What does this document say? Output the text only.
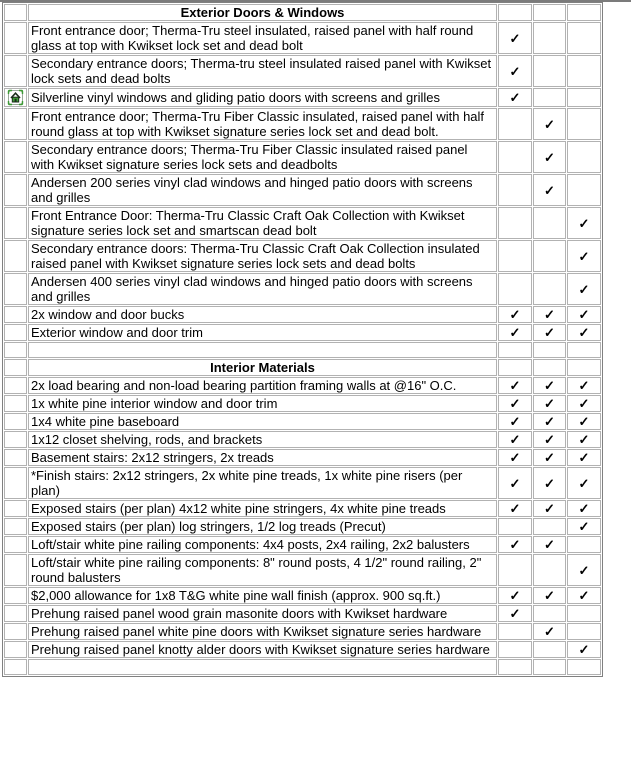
	Exterior Doors & Windows			
	Front entrance door; Therma-Tru steel insulated, raised panel with half round glass at top with Kwikset lock set and dead bolt	✓		
	Secondary entrance doors; Therma-tru steel insulated raised panel with Kwikset lock sets and dead bolts	✓		

	Silverline vinyl windows and gliding patio doors with screens and grilles	✓		
	Front entrance door; Therma-Tru Fiber Classic insulated, raised panel with half round glass at top with Kwikset signature series lock set and dead bolt.		✓	
	Secondary entrance doors; Therma-Tru Fiber Classic insulated raised panel with Kwikset signature series lock sets and deadbolts		✓	
	Andersen 200 series vinyl clad windows and hinged patio doors with screens and grilles		✓	
	Front Entrance Door: Therma-Tru Classic Craft Oak Collection with Kwikset signature series lock set and smartscan dead bolt			✓
	Secondary entrance doors: Therma-Tru Classic Craft Oak Collection insulated raised panel with Kwikset signature series lock sets and dead bolts			✓
	Andersen 400 series vinyl clad windows and hinged patio doors with screens and grilles			✓
	2x window and door bucks	✓	✓	✓
	Exterior window and door trim	✓	✓	✓

	Interior Materials			
	2x load bearing and non-load bearing partition framing walls at @16" O.C.	✓	✓	✓
	1x white pine interior window and door trim	✓	✓	✓
	1x4 white pine baseboard	✓	✓	✓
	1x12 closet shelving, rods, and brackets	✓	✓	✓
	Basement stairs: 2x12 stringers, 2x treads	✓	✓	✓
	*Finish stairs: 2x12 stringers, 2x white pine treads, 1x white pine risers (per plan)	✓	✓	✓
	Exposed stairs (per plan) 4x12 white pine stringers, 4x white pine treads	✓	✓	✓
	Exposed stairs (per plan) log stringers, 1/2 log treads (Precut)			✓
	Loft/stair white pine railing components: 4x4 posts, 2x4 railing, 2x2 balusters	✓	✓	
	Loft/stair white pine railing components: 8" round posts, 4 1/2" round railing, 2" round balusters			✓
	$2,000 allowance for 1x8 T&G white pine wall finish (approx. 900 sq.ft.)	✓	✓	✓
	Prehung raised panel wood grain masonite doors with Kwikset hardware	✓		
	Prehung raised panel white pine doors with Kwikset signature series hardware		✓	
	Prehung raised panel knotty alder doors with Kwikset signature series hardware			✓
